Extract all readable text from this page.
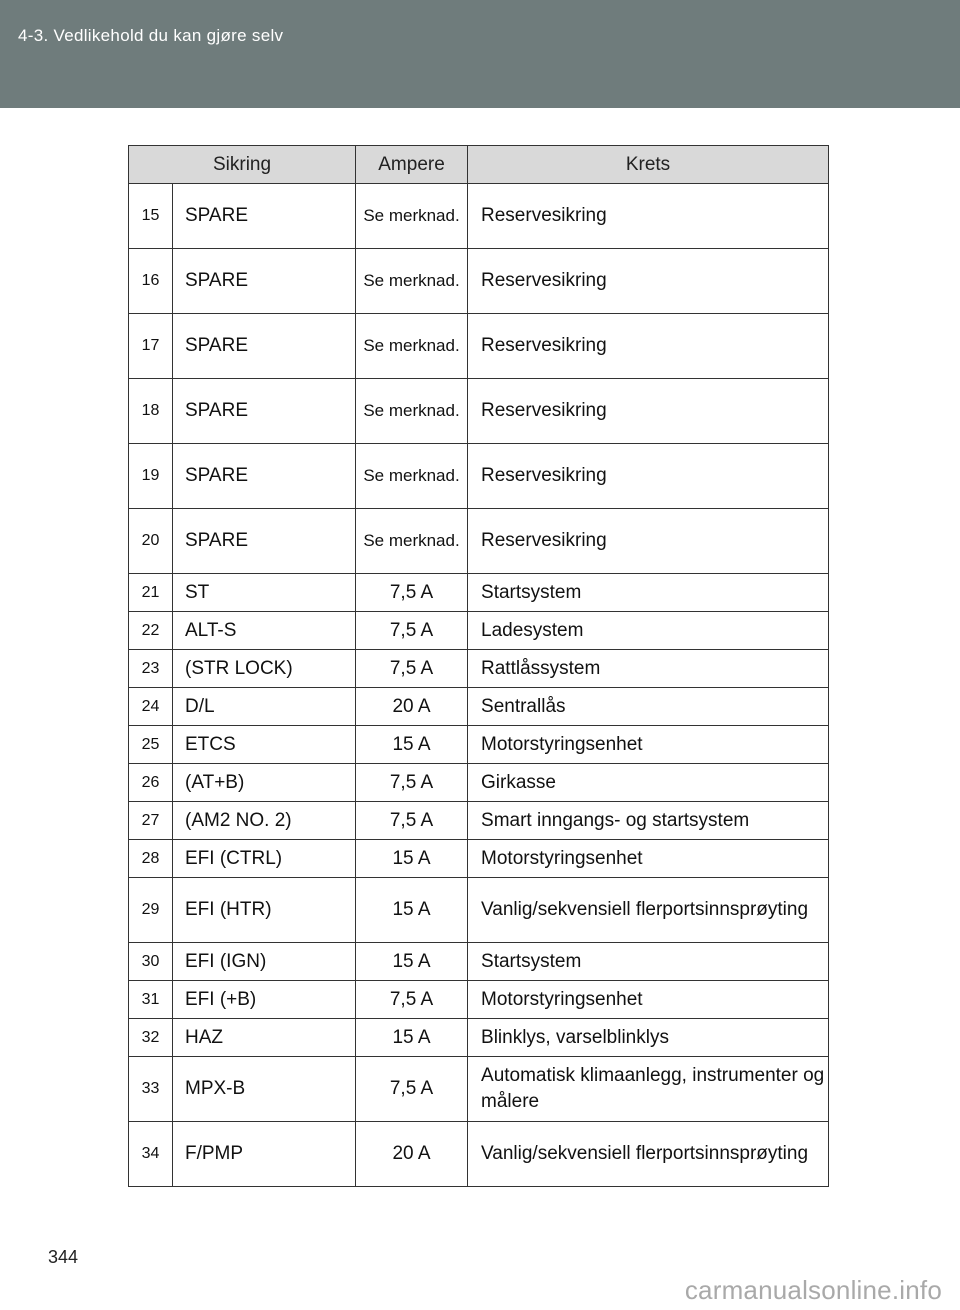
4-3. Vedlikehold du kan gjøre selv
Sikring		Ampere	Krets
15	SPARE	Se merknad.	Reservesikring
16	SPARE	Se merknad.	Reservesikring
17	SPARE	Se merknad.	Reservesikring
18	SPARE	Se merknad.	Reservesikring
19	SPARE	Se merknad.	Reservesikring
20	SPARE	Se merknad.	Reservesikring
21	ST	7,5 A	Startsystem
22	ALT-S	7,5 A	Ladesystem
23	(STR LOCK)	7,5 A	Rattlåssystem
24	D/L	20 A	Sentrallås
25	ETCS	15 A	Motorstyringsenhet
26	(AT+B)	7,5 A	Girkasse
27	(AM2 NO. 2)	7,5 A	Smart inngangs- og startsystem
28	EFI (CTRL)	15 A	Motorstyringsenhet
29	EFI (HTR)	15 A	Vanlig/sekvensiell flerportsinnsprøyting
30	EFI (IGN)	15 A	Startsystem
31	EFI (+B)	7,5 A	Motorstyringsenhet
32	HAZ	15 A	Blinklys, varselblinklys
33	MPX-B	7,5 A	Automatisk klimaanlegg, instrumenter og målere
34	F/PMP	20 A	Vanlig/sekvensiell flerportsinnsprøyting
344
carmanualsonline.info
